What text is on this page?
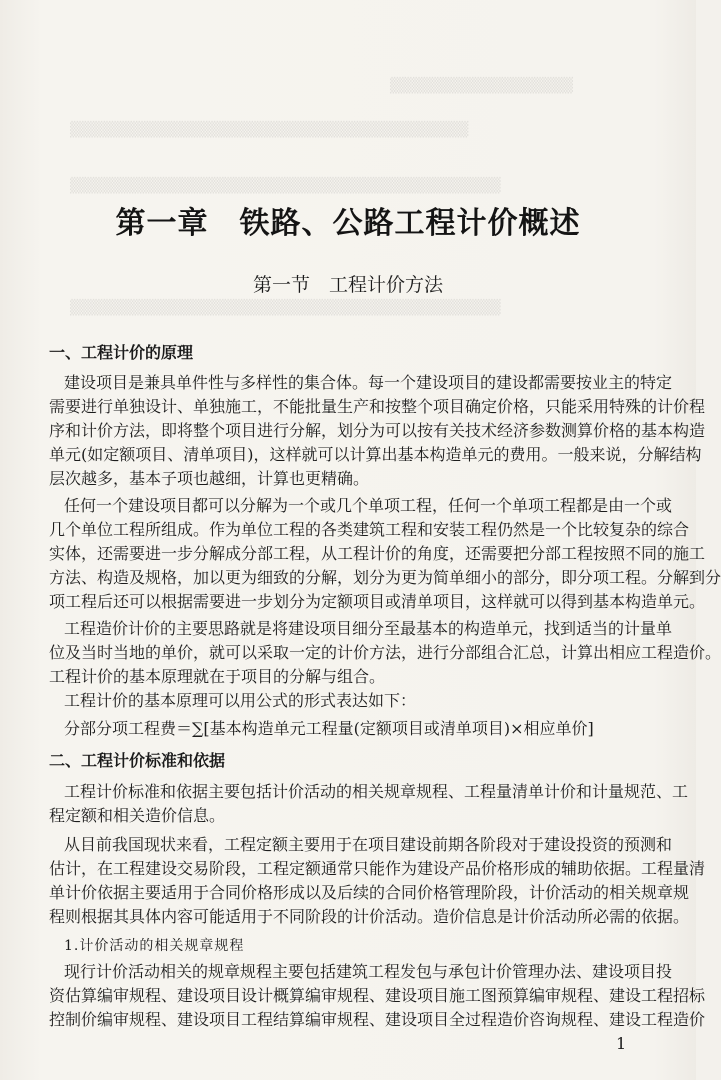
▒▒▒▒▒▒▒▒▒▒▒▒▒▒▒▒▒
▒▒▒▒▒▒▒▒▒▒▒▒▒▒▒▒▒▒▒▒▒▒▒▒▒▒▒▒▒▒▒▒▒▒▒▒▒
▒▒▒▒▒▒▒▒▒▒▒▒▒▒▒▒▒▒▒▒▒▒▒▒▒▒▒▒▒▒▒▒▒▒▒▒▒▒▒▒
▒▒▒▒▒▒▒▒▒▒▒▒▒▒▒▒▒▒▒▒▒▒▒▒▒▒▒▒▒▒▒▒▒▒▒▒▒▒▒▒
第一章　铁路、公路工程计价概述
第一节　工程计价方法
一、工程计价的原理
建设项目是兼具单件性与多样性的集合体。每一个建设项目的建设都需要按业主的特定
需要进行单独设计、单独施工，不能批量生产和按整个项目确定价格，只能采用特殊的计价程
序和计价方法，即将整个项目进行分解，划分为可以按有关技术经济参数测算价格的基本构造
单元(如定额项目、清单项目)，这样就可以计算出基本构造单元的费用。一般来说，分解结构
层次越多，基本子项也越细，计算也更精确。
任何一个建设项目都可以分解为一个或几个单项工程，任何一个单项工程都是由一个或
几个单位工程所组成。作为单位工程的各类建筑工程和安装工程仍然是一个比较复杂的综合
实体，还需要进一步分解成分部工程，从工程计价的角度，还需要把分部工程按照不同的施工
方法、构造及规格，加以更为细致的分解，划分为更为简单细小的部分，即分项工程。分解到分
项工程后还可以根据需要进一步划分为定额项目或清单项目，这样就可以得到基本构造单元。
工程造价计价的主要思路就是将建设项目细分至最基本的构造单元，找到适当的计量单
位及当时当地的单价，就可以采取一定的计价方法，进行分部组合汇总，计算出相应工程造价。
工程计价的基本原理就在于项目的分解与组合。
工程计价的基本原理可以用公式的形式表达如下：
分部分项工程费＝∑[基本构造单元工程量(定额项目或清单项目)×相应单价]
二、工程计价标准和依据
工程计价标准和依据主要包括计价活动的相关规章规程、工程量清单计价和计量规范、工
程定额和相关造价信息。
从目前我国现状来看，工程定额主要用于在项目建设前期各阶段对于建设投资的预测和
估计，在工程建设交易阶段，工程定额通常只能作为建设产品价格形成的辅助依据。工程量清
单计价依据主要适用于合同价格形成以及后续的合同价格管理阶段，计价活动的相关规章规
程则根据其具体内容可能适用于不同阶段的计价活动。造价信息是计价活动所必需的依据。
1.计价活动的相关规章规程
现行计价活动相关的规章规程主要包括建筑工程发包与承包计价管理办法、建设项目投
资估算编审规程、建设项目设计概算编审规程、建设项目施工图预算编审规程、建设工程招标
控制价编审规程、建设项目工程结算编审规程、建设项目全过程造价咨询规程、建设工程造价
1
